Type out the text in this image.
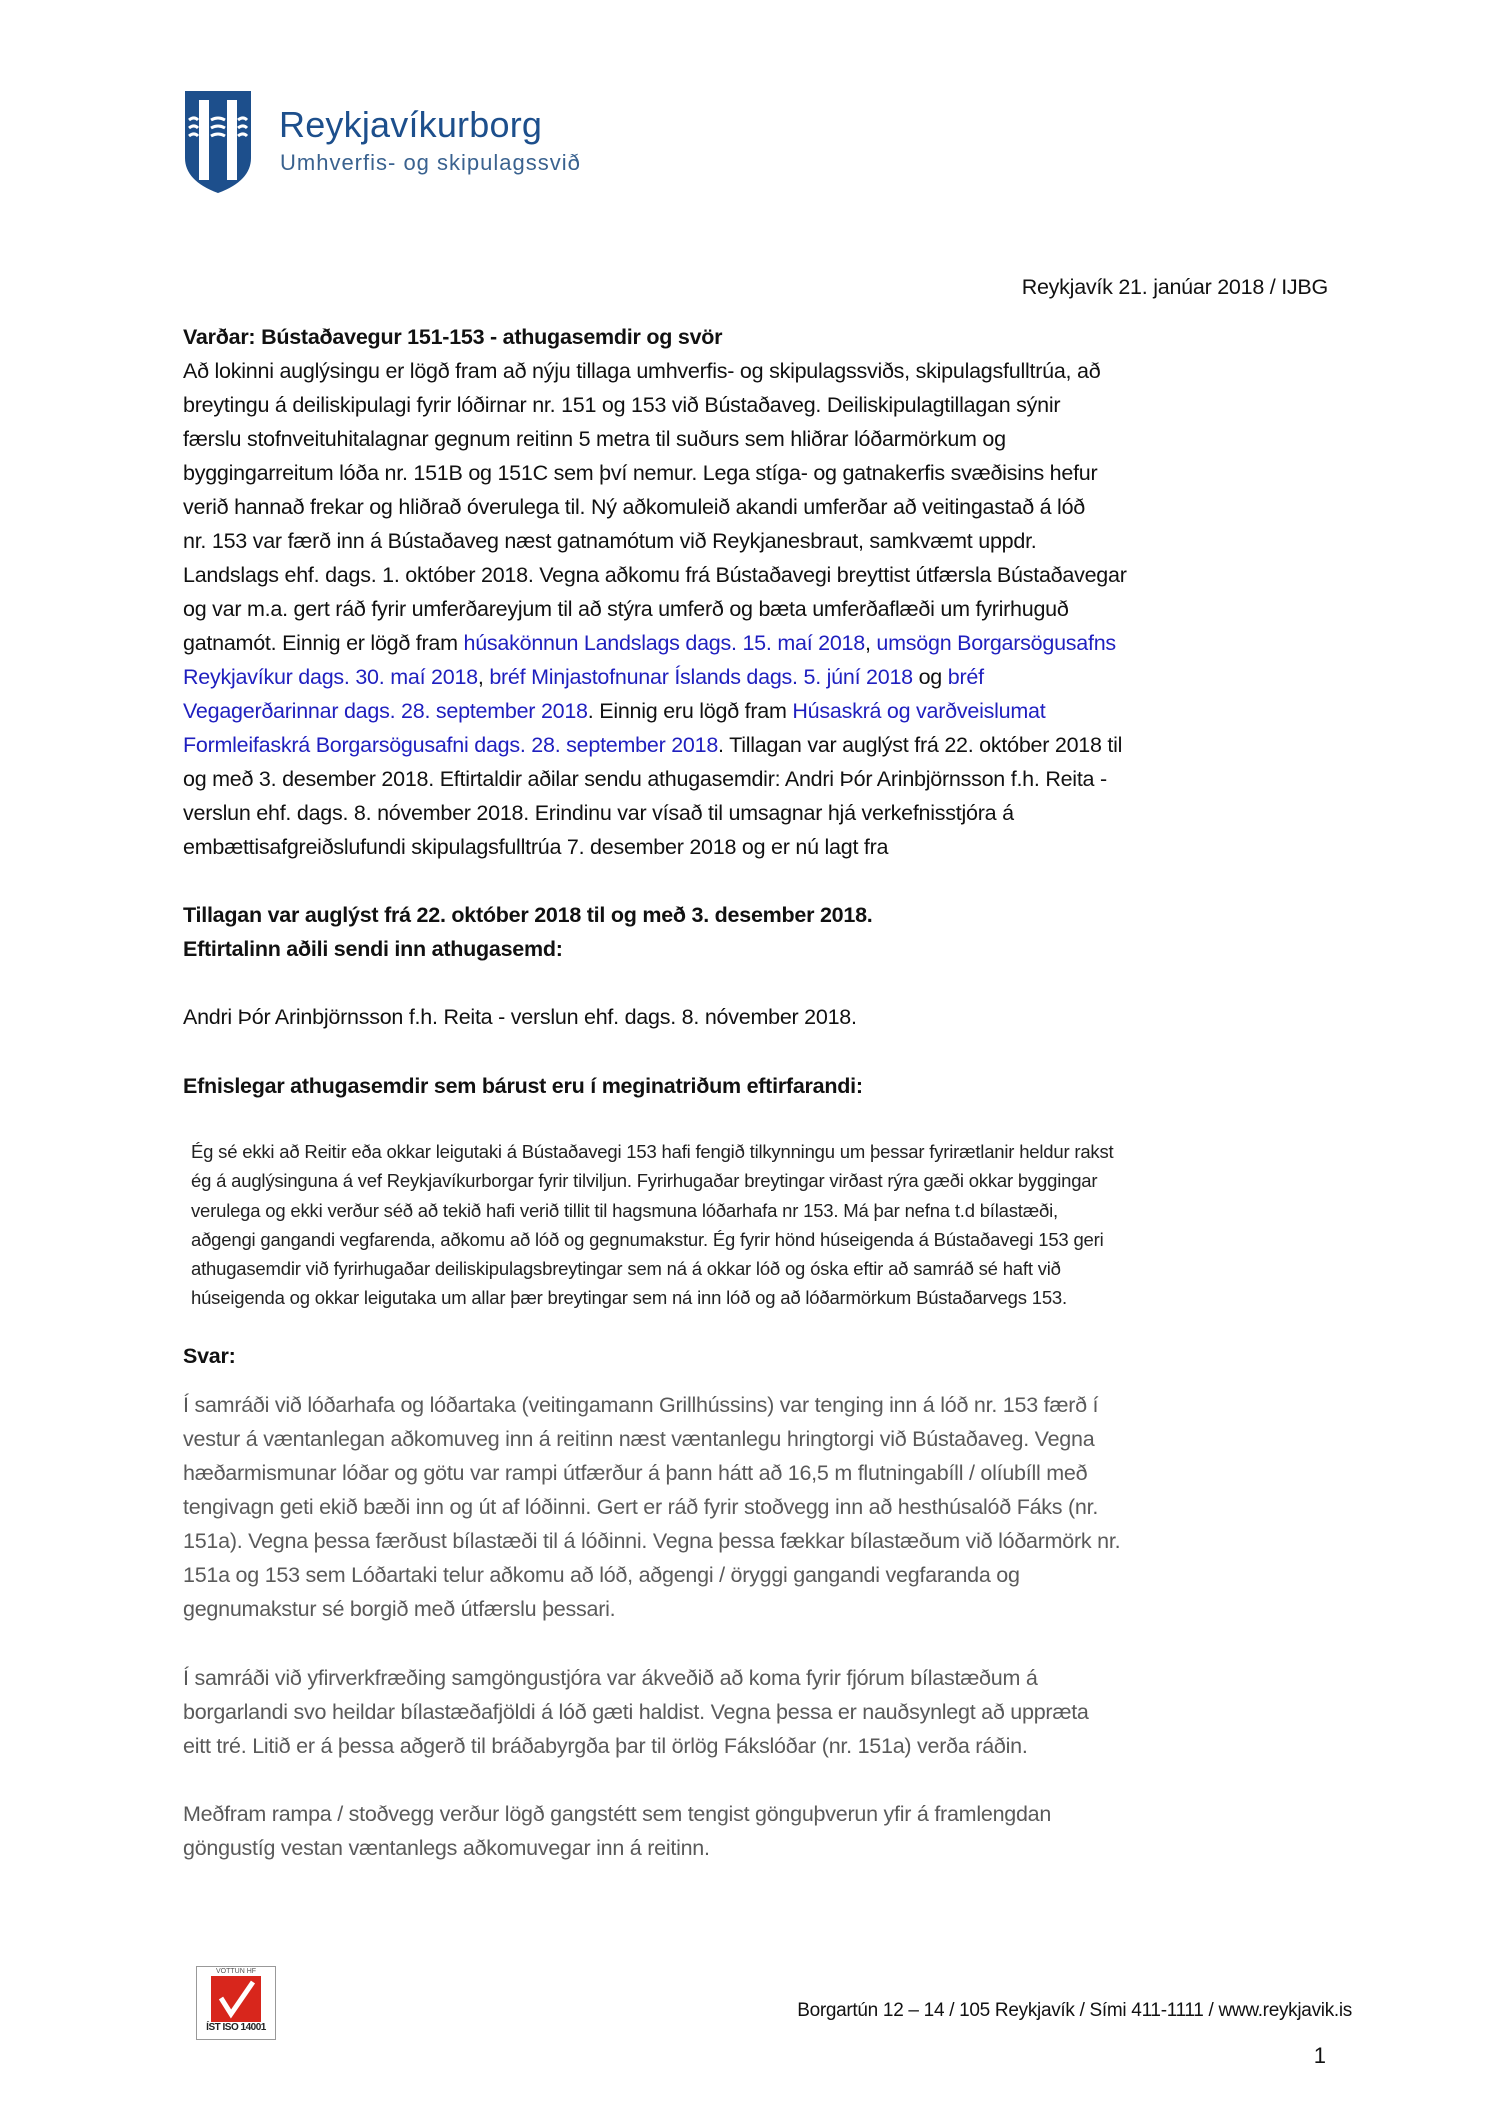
Reykjavíkurborg
Umhverfis- og skipulagssvið
Reykjavík 21. janúar 2018 / IJBG
Varðar: Bústaðavegur 151-153 - athugasemdir og svör
Að lokinni auglýsingu er lögð fram að nýju tillaga umhverfis- og skipulagssviðs, skipulagsfulltrúa, að
breytingu á deiliskipulagi fyrir lóðirnar nr. 151 og 153 við Bústaðaveg. Deiliskipulagtillagan sýnir
færslu stofnveituhitalagnar gegnum reitinn 5 metra til suðurs sem hliðrar lóðarmörkum og
byggingarreitum lóða nr. 151B og 151C sem því nemur. Lega stíga- og gatnakerfis svæðisins hefur
verið hannað frekar og hliðrað óverulega til. Ný aðkomuleið akandi umferðar að veitingastað á lóð
nr. 153 var færð inn á Bústaðaveg næst gatnamótum við Reykjanesbraut, samkvæmt uppdr.
Landslags ehf. dags. 1. október 2018. Vegna aðkomu frá Bústaðavegi breyttist útfærsla Bústaðavegar
og var m.a. gert ráð fyrir umferðareyjum til að stýra umferð og bæta umferðaflæði um fyrirhuguð
gatnamót. Einnig er lögð fram húsakönnun Landslags dags. 15. maí 2018, umsögn Borgarsögusafns
Reykjavíkur dags. 30. maí 2018, bréf Minjastofnunar Íslands dags. 5. júní 2018 og bréf
Vegagerðarinnar dags. 28. september 2018. Einnig eru lögð fram Húsaskrá og varðveislumat
Formleifaskrá Borgarsögusafni dags. 28. september 2018. Tillagan var auglýst frá 22. október 2018 til
og með 3. desember 2018. Eftirtaldir aðilar sendu athugasemdir: Andri Þór Arinbjörnsson f.h. Reita -
verslun ehf. dags. 8. nóvember 2018. Erindinu var vísað til umsagnar hjá verkefnisstjóra á
embættisafgreiðslufundi skipulagsfulltrúa 7. desember 2018 og er nú lagt fra
Tillagan var auglýst frá 22. október 2018 til og með 3. desember 2018.
Eftirtalinn aðili sendi inn athugasemd:
Andri Þór Arinbjörnsson f.h. Reita - verslun ehf. dags. 8. nóvember 2018.
Efnislegar athugasemdir sem bárust eru í meginatriðum eftirfarandi:
Ég sé ekki að Reitir eða okkar leigutaki á Bústaðavegi 153 hafi fengið tilkynningu um þessar fyrirætlanir heldur rakst
ég á auglýsinguna á vef Reykjavíkurborgar fyrir tilviljun. Fyrirhugaðar breytingar virðast rýra gæði okkar byggingar
verulega og ekki verður séð að tekið hafi verið tillit til hagsmuna lóðarhafa nr 153. Má þar nefna t.d bílastæði,
aðgengi gangandi vegfarenda, aðkomu að lóð og gegnumakstur. Ég fyrir hönd húseigenda á Bústaðavegi 153 geri
athugasemdir við fyrirhugaðar deiliskipulagsbreytingar sem ná á okkar lóð og óska eftir að samráð sé haft við
húseigenda og okkar leigutaka um allar þær breytingar sem ná inn lóð og að lóðarmörkum Bústaðarvegs 153.
Svar:
Í samráði við lóðarhafa og lóðartaka (veitingamann Grillhússins) var tenging inn á lóð nr. 153 færð í
vestur á væntanlegan aðkomuveg inn á reitinn næst væntanlegu hringtorgi við Bústaðaveg. Vegna
hæðarmismunar lóðar og götu var rampi útfærður á þann hátt að 16,5 m flutningabíll / olíubíll með
tengivagn geti ekið bæði inn og út af lóðinni. Gert er ráð fyrir stoðvegg inn að hesthúsalóð Fáks (nr.
151a). Vegna þessa færðust bílastæði til á lóðinni. Vegna þessa fækkar bílastæðum við lóðarmörk nr.
151a og 153 sem Lóðartaki telur aðkomu að lóð, aðgengi / öryggi gangandi vegfaranda og
gegnumakstur sé borgið með útfærslu þessari.
Í samráði við yfirverkfræðing samgöngustjóra var ákveðið að koma fyrir fjórum bílastæðum á
borgarlandi svo heildar bílastæðafjöldi á lóð gæti haldist. Vegna þessa er nauðsynlegt að uppræta
eitt tré. Litið er á þessa aðgerð til bráðabyrgða þar til örlög Fákslóðar (nr. 151a) verða ráðin.
Meðfram rampa / stoðvegg verður lögð gangstétt sem tengist gönguþverun yfir á framlengdan
göngustíg vestan væntanlegs aðkomuvegar inn á reitinn.
VOTTUN HF
ÍST ISO 14001
Borgartún 12 – 14 / 105 Reykjavík / Sími 411-1111 / www.reykjavik.is
1
